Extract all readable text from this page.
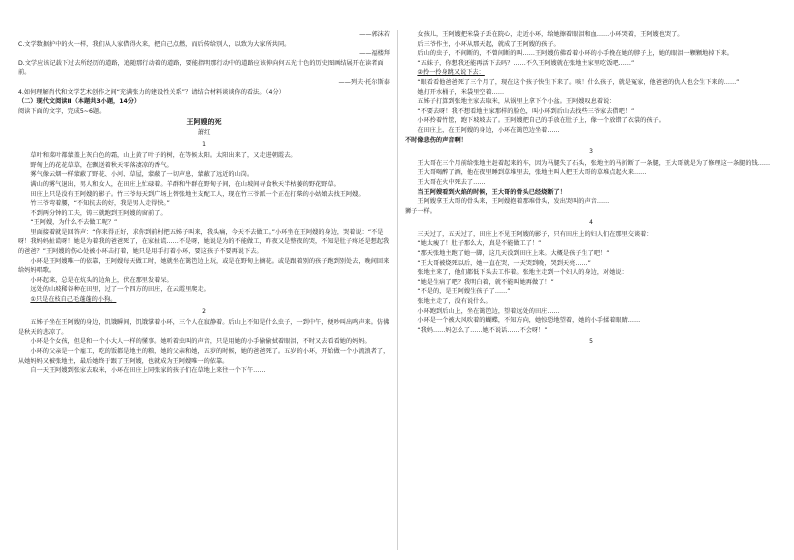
——郭沫若

C.文学数据护中的火一样，我们从人家借得火来，把自己点燃，而后传给别人，以致为大家所共同。

——福楼拜

D.文学应该记载下过去所经历的道路，追随那行动着的道路，要能指明那行动中的道路应该伸向何五光十色的历史图画结展开在读者面前。

——列夫·托尔斯泰

4.如何理解肖代和文学艺术创作之间“充满张力的建设性关系”？请结合材料谈谈你的看法。（4分）

（二）现代文阅读Ⅱ（本题共3小题，14分）

阅读下面的文字，完成5~6题。

王阿嫂的死

萧红

1

草叶和菜叶都蒙盖上灰白色的霜，山上黄了叶子的树，在等候太阳。太阳出来了，又走进朝霞去。

野甸上的花花草草，在飘送着秋天零落凄凉的香气。

雾气像云烟一样蒙蔽了野花、小河、草屋，蒙蔽了一切声息，蒙蔽了远近的山岗。

满山的雾气退出，男人和女人，在田庄上忙碌着。羊群和牛群在野甸子间，在山坡间寻食秋天半枯萎的野花野草。

田庄上只是没有王阿嫂的影子。竹三爷每天到广场上替张地主支配工人，现在竹三爷派一个正在打柴的小姑娘去找王阿嫂。

竹三爷弯着腰，“不知抗去的好，我是男人走得快。”

不到两分钟的工夫，铸三就跑到王阿嫂的窗前了。

“王阿嫂，为什么不去做工呢？”

里面接着就是回答声：“你来得正好，求你到前村把五姊子叫来，我头痛，今天不去做工。”小环坐在王阿嫂的身边，哭着说：“不是呀！我妈妈扯谎呀！她是为着我的爸爸死了，在家扯谎……不是呀，她说是为的不能做工，昨夜又是整夜的哭，不知是肚子疼还是想起我的爸爸？”王阿嫂的伤心处被小环击打着，她只是用手打着小环，要这孩子不要再说下去。

小环是王阿嫂唯一的依靠，王阿嫂每天做工时，她就坐在篱笆边上玩，或是在野甸上摘花。或是跟着别的孩子跑到别处去，晚间回来给妈妈唱歌。

小环起来，总是在炕头的边角上，伏在那里发着呆。

远处的山坡稀谷种在田里，过了一个四方的田庄，在云霞里爬走。

①只是在枝自己毛蓬蓬的小狗。

2

五姊子坐在王阿嫂的身边，饥饿瞬间，饥饿掌着小环，三个人在寂静着。后山上不知是什么虫子，一到中午，便吵叫出鸣声来。仿佛是秋天的悲凉了。

小环是个女孩，但是和一个小大人一样的懂事。她听着虫叫的声音，只是用她的小手偷偷拭着眼泪，不时又去看看她的妈妈。

小环的父亲是一个雇工，吃的饭都是地主的粮，她的父亲和她，五岁的时候，她的爸爸死了。五岁的小环，开始做一个小流浪者了，从她妈妈又被张地主，最后她终于跟了王阿嫂，也就成为王阿嫂唯一的依靠。

自一天王阿嫂到张家去取米，小环在田庄上同张家的孩子们在草地上来往一个下午……

女孩儿，王阿嫂把米袋子丢在院心，走近小环，给她擦着眼泪和血……小环哭着，王阿嫂也哭了。

后三爷作主，小环从那天起，就成了王阿嫂的孩子。

后山的虫子，不间断的，不曾间断的叫……王阿嫂仿佛看着小环的小手挽在她的脖子上，她的眼泪一颗颗地掉下来。

“五妹子，你想我还能再活下去吗？……不久王阿嫂就在张地主家里吃饭吧……”

②拎一拎身跳又说下去：

“眼看看他爸爸死了三个月了，现在这个孩子快生下来了。咳！什么孩子，就是冤家，他爸爸的仇人也会生下来的……”

她打开水桶子，米袋里空着……

五姊子打算到张地主家去取米，从锅里上拿下个小盆。王阿嫂叹息着说：

“不要去呀！我不想看地主家那样的脸色，叫小环到后山去找些三爷家去借吧！”

小环拎着竹筐，跑下坡坡去了。王阿嫂把自己的手放在肚子上，像一个放错了衣裳的孩子。

在田庄上，在王阿嫂的身边，小环在篱笆边坐着……

不时像悲伤的声音啊！

3

王大哥在三个月前给张地主赶着起来的车，因为马腿失了石头，张地主的马折断了一条腿，王大哥就是为了修理这一条腿的钱……

王大哥喝醉了酒，他在夜里睡到草堆里去，张地主叫人把王大哥的草堆点起火来……

王大哥在火中死去了……

当王阿嫂看到火焰的时候，王大哥的骨头已经烧断了！

王阿嫂拿王大哥的骨头来，王阿嫂抱着那堆骨头，发出哭叫的声音……

狮子一样。

4

三天过了，五天过了，田庄上不见王阿嫂的影子，只有田庄上的妇人们在那里交谈着：

“她太瘦了！肚子那么大，真是不能做工了！”

“那天张地主跑了她一脚，这几天没到田庄上来。大概是孩子生了吧！”

“王大哥被烧死以后，她一直在哭，一天哭到晚，哭到天亮……”

张地主来了，他们都低下头去工作着。张地主走到一个妇人的身边，对她说：

“她是生病了吧？我明白着，就不能叫她再做了！”

“不是的，是王阿嫂生孩子了……”

张地主走了，没有说什么。

小环跑到后山上，坐在篱笆边，望着远处的田庄……

小环是一个被大风吹着的蝴蝶，不知方向，她惊恐地望着，她的小手揉着眼睛……

“我妈……妈怎么了……她不说话……不会呀！”

5
